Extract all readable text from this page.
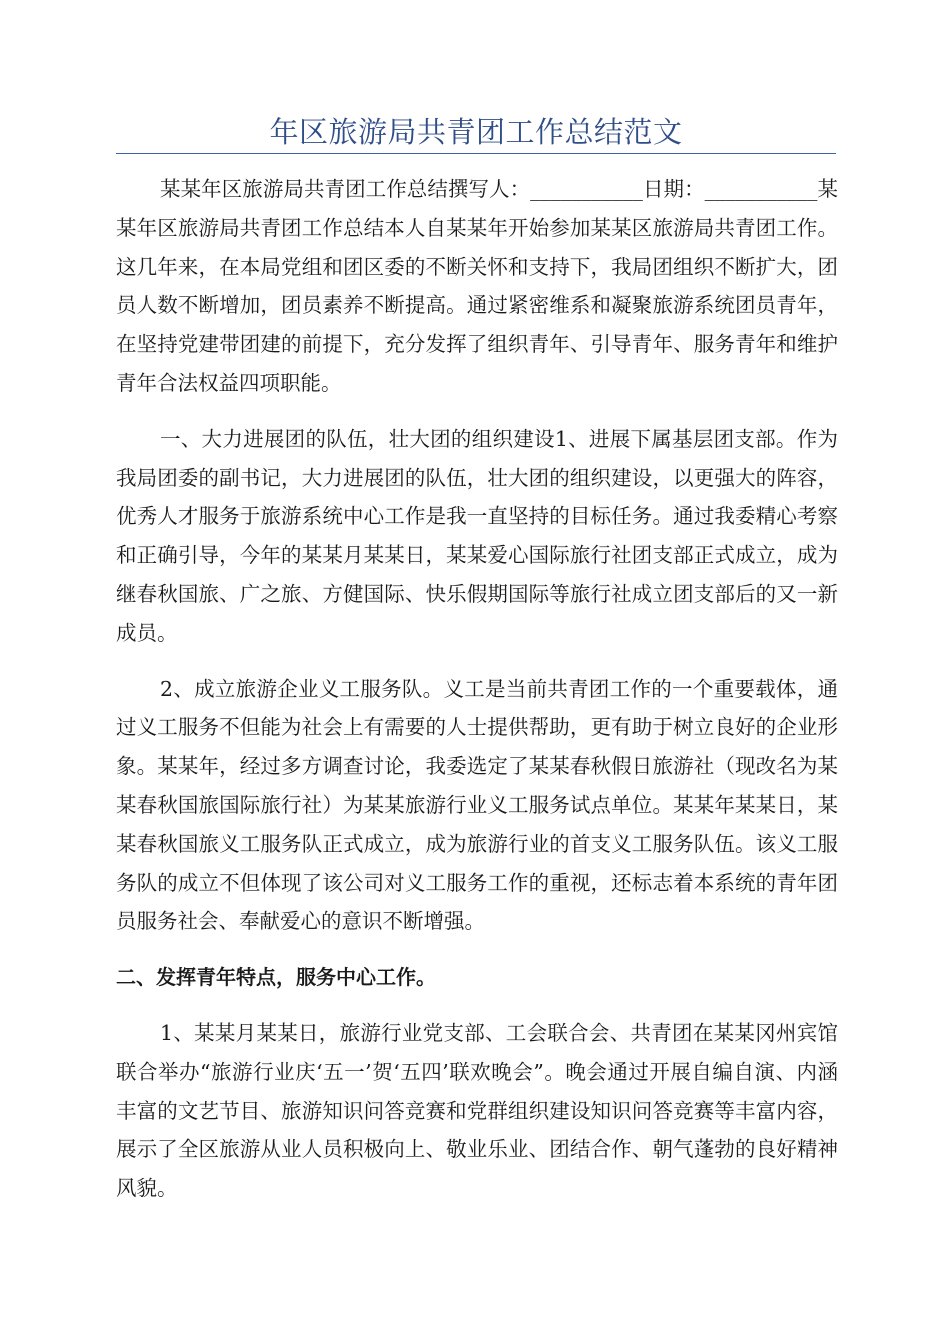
年区旅游局共青团工作总结范文

某某年区旅游局共青团工作总结撰写人：___________日期：___________某某年区旅游局共青团工作总结本人自某某年开始参加某某区旅游局共青团工作。这几年来，在本局党组和团区委的不断关怀和支持下，我局团组织不断扩大，团员人数不断增加，团员素养不断提高。通过紧密维系和凝聚旅游系统团员青年，在坚持党建带团建的前提下，充分发挥了组织青年、引导青年、服务青年和维护青年合法权益四项职能。

一、大力进展团的队伍，壮大团的组织建设1、进展下属基层团支部。作为我局团委的副书记，大力进展团的队伍，壮大团的组织建设，以更强大的阵容，优秀人才服务于旅游系统中心工作是我一直坚持的目标任务。通过我委精心考察和正确引导，今年的某某月某某日，某某爱心国际旅行社团支部正式成立，成为继春秋国旅、广之旅、方健国际、快乐假期国际等旅行社成立团支部后的又一新成员。

2、成立旅游企业义工服务队。义工是当前共青团工作的一个重要载体，通过义工服务不但能为社会上有需要的人士提供帮助，更有助于树立良好的企业形象。某某年，经过多方调查讨论，我委选定了某某春秋假日旅游社（现改名为某某春秋国旅国际旅行社）为某某旅游行业义工服务试点单位。某某年某某日，某某春秋国旅义工服务队正式成立，成为旅游行业的首支义工服务队伍。该义工服务队的成立不但体现了该公司对义工服务工作的重视，还标志着本系统的青年团员服务社会、奉献爱心的意识不断增强。

二、发挥青年特点，服务中心工作。

1、某某月某某日，旅游行业党支部、工会联合会、共青团在某某冈州宾馆联合举办“旅游行业庆‘五一’贺‘五四’联欢晚会”。晚会通过开展自编自演、内涵丰富的文艺节目、旅游知识问答竞赛和党群组织建设知识问答竞赛等丰富内容，展示了全区旅游从业人员积极向上、敬业乐业、团结合作、朝气蓬勃的良好精神风貌。
